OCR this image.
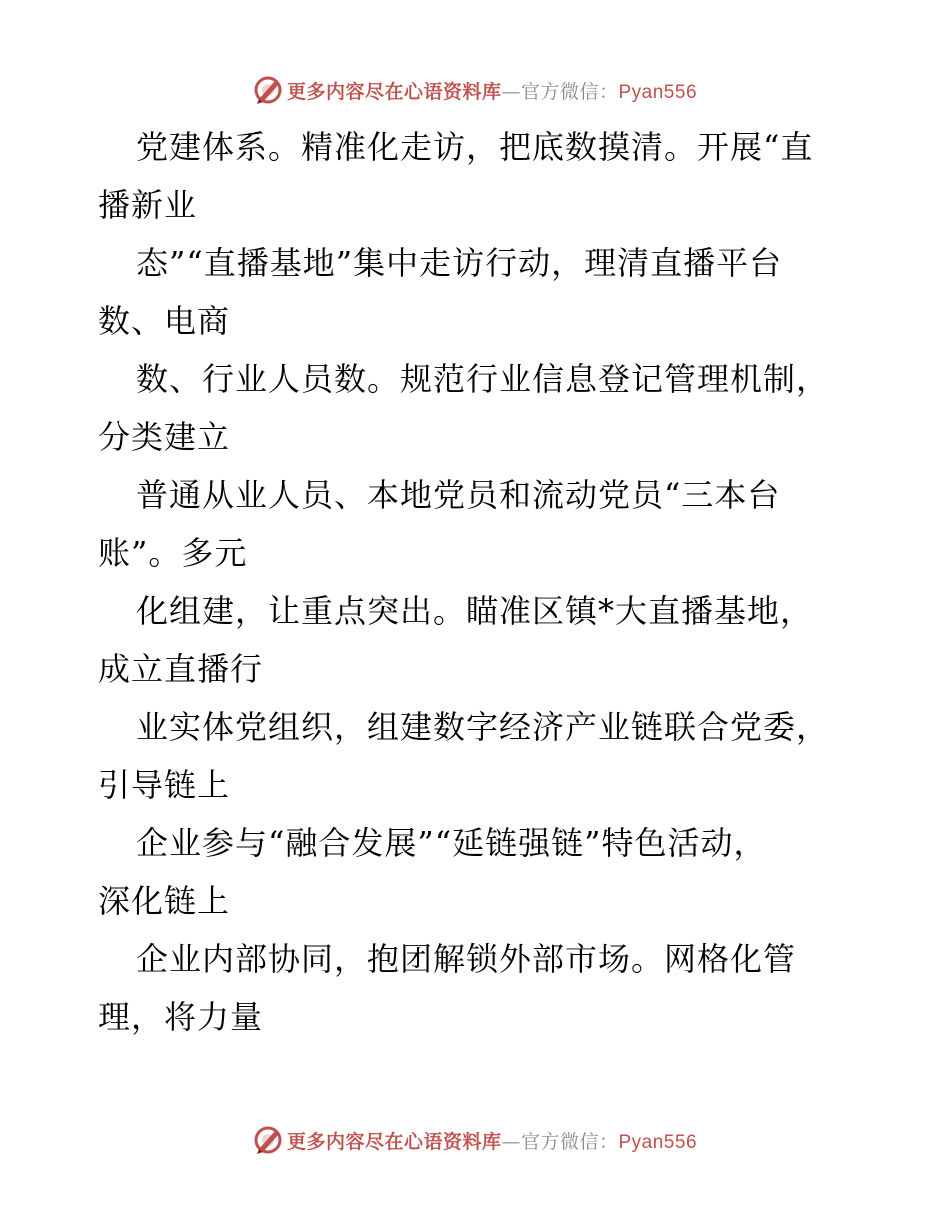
更多内容尽在心语资料库—官方微信：Pyan556
党建体系。精准化走访，把底数摸清。开展“直
播新业
态”“直播基地”集中走访行动，理清直播平台
数、电商
数、行业人员数。规范行业信息登记管理机制，
分类建立
普通从业人员、本地党员和流动党员“三本台
账”。多元
化组建，让重点突出。瞄准区镇*大直播基地，
成立直播行
业实体党组织，组建数字经济产业链联合党委，
引导链上
企业参与“融合发展”“延链强链”特色活动，
深化链上
企业内部协同，抱团解锁外部市场。网格化管
理，将力量
更多内容尽在心语资料库—官方微信：Pyan556
